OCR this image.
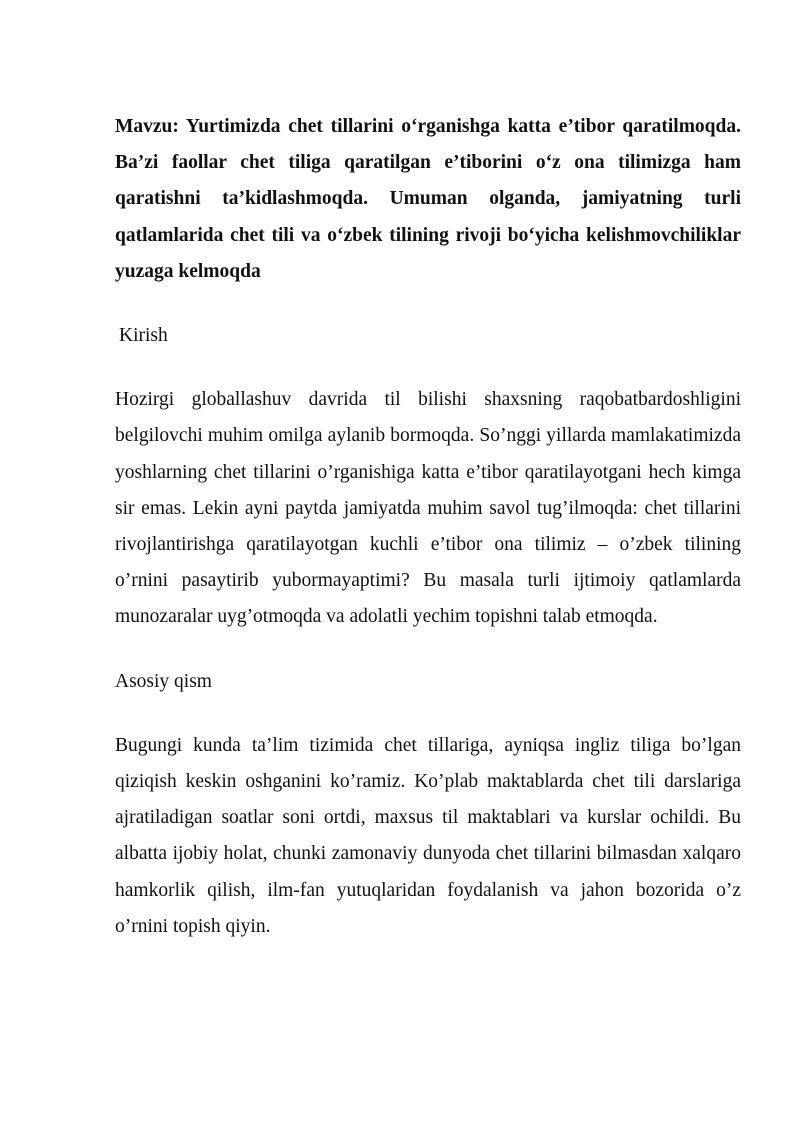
Mavzu: Yurtimizda chet tillarini o‘rganishga katta e’tibor qaratilmoqda. Ba’zi faollar chet tiliga qaratilgan e’tiborini o‘z ona tilimizga ham qaratishni ta’kidlashmoqda. Umuman olganda, jamiyatning turli qatlamlarida chet tili va o‘zbek tilining rivoji bo‘yicha kelishmovchiliklar yuzaga kelmoqda

Kirish

Hozirgi globallashuv davrida til bilishi shaxsning raqobatbardoshligini belgilovchi muhim omilga aylanib bormoqda. So’nggi yillarda mamlakatimizda yoshlarning chet tillarini o’rganishiga katta e’tibor qaratilayotgani hech kimga sir emas. Lekin ayni paytda jamiyatda muhim savol tug’ilmoqda: chet tillarini rivojlantirishga qaratilayotgan kuchli e’tibor ona tilimiz – o’zbek tilining o’rnini pasaytirib yubormayaptimi? Bu masala turli ijtimoiy qatlamlarda munozaralar uyg’otmoqda va adolatli yechim topishni talab etmoqda.

Asosiy qism

Bugungi kunda ta’lim tizimida chet tillariga, ayniqsa ingliz tiliga bo’lgan qiziqish keskin oshganini ko’ramiz. Ko’plab maktablarda chet tili darslariga ajratiladigan soatlar soni ortdi, maxsus til maktablari va kurslar ochildi. Bu albatta ijobiy holat, chunki zamonaviy dunyoda chet tillarini bilmasdan xalqaro hamkorlik qilish, ilm-fan yutuqlaridan foydalanish va jahon bozorida o’z o’rnini topish qiyin.
